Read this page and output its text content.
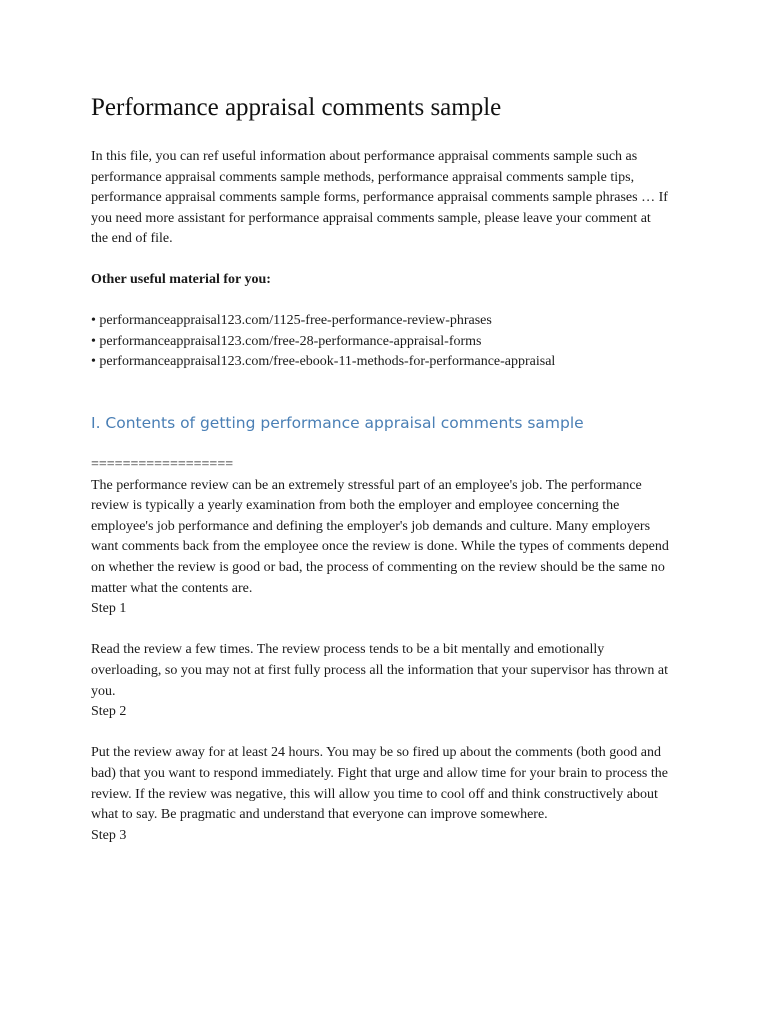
Performance appraisal comments sample

In this file, you can ref useful information about performance appraisal comments sample such as performance appraisal comments sample methods, performance appraisal comments sample tips, performance appraisal comments sample forms, performance appraisal comments sample phrases … If you need more assistant for performance appraisal comments sample, please leave your comment at the end of file.

Other useful material for you:

• performanceappraisal123.com/1125-free-performance-review-phrases
• performanceappraisal123.com/free-28-performance-appraisal-forms
• performanceappraisal123.com/free-ebook-11-methods-for-performance-appraisal
I. Contents of getting performance appraisal comments sample

==================

The performance review can be an extremely stressful part of an employee's job. The performance review is typically a yearly examination from both the employer and employee concerning the employee's job performance and defining the employer's job demands and culture. Many employers want comments back from the employee once the review is done. While the types of comments depend on whether the review is good or bad, the process of commenting on the review should be the same no matter what the contents are.

Step 1

Read the review a few times. The review process tends to be a bit mentally and emotionally overloading, so you may not at first fully process all the information that your supervisor has thrown at you.

Step 2

Put the review away for at least 24 hours. You may be so fired up about the comments (both good and bad) that you want to respond immediately. Fight that urge and allow time for your brain to process the review. If the review was negative, this will allow you time to cool off and think constructively about what to say. Be pragmatic and understand that everyone can improve somewhere.

Step 3
